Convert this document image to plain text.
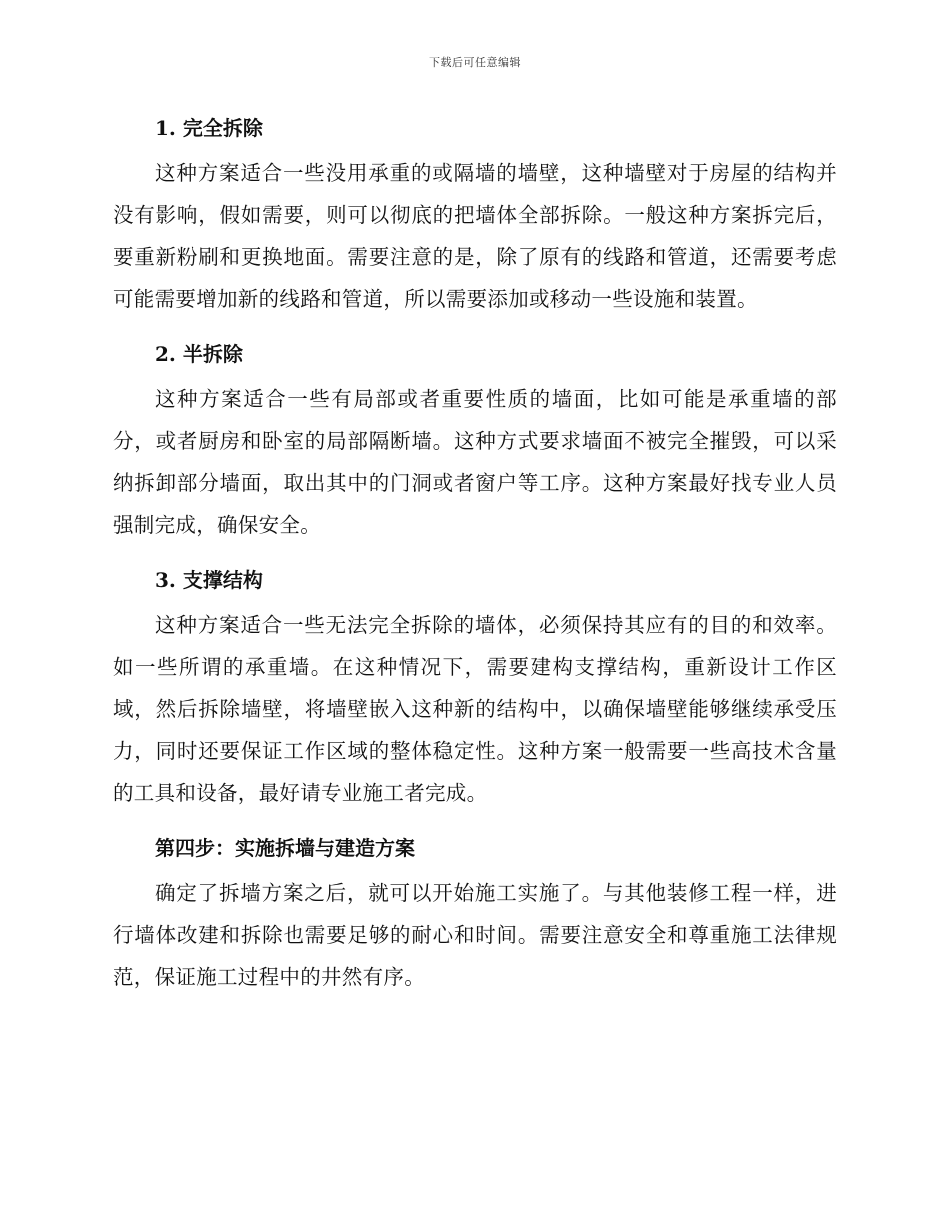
下载后可任意编辑
1. 完全拆除

这种方案适合一些没用承重的或隔墙的墙壁，这种墙壁对于房屋的结构并没有影响，假如需要，则可以彻底的把墙体全部拆除。一般这种方案拆完后，要重新粉刷和更换地面。需要注意的是，除了原有的线路和管道，还需要考虑可能需要增加新的线路和管道，所以需要添加或移动一些设施和装置。

2. 半拆除

这种方案适合一些有局部或者重要性质的墙面，比如可能是承重墙的部分，或者厨房和卧室的局部隔断墙。这种方式要求墙面不被完全摧毁，可以采纳拆卸部分墙面，取出其中的门洞或者窗户等工序。这种方案最好找专业人员强制完成，确保安全。

3. 支撑结构

这种方案适合一些无法完全拆除的墙体，必须保持其应有的目的和效率。如一些所谓的承重墙。在这种情况下，需要建构支撑结构，重新设计工作区域，然后拆除墙壁，将墙壁嵌入这种新的结构中，以确保墙壁能够继续承受压力，同时还要保证工作区域的整体稳定性。这种方案一般需要一些高技术含量的工具和设备，最好请专业施工者完成。

第四步：实施拆墙与建造方案

确定了拆墙方案之后，就可以开始施工实施了。与其他装修工程一样，进行墙体改建和拆除也需要足够的耐心和时间。需要注意安全和尊重施工法律规范，保证施工过程中的井然有序。
